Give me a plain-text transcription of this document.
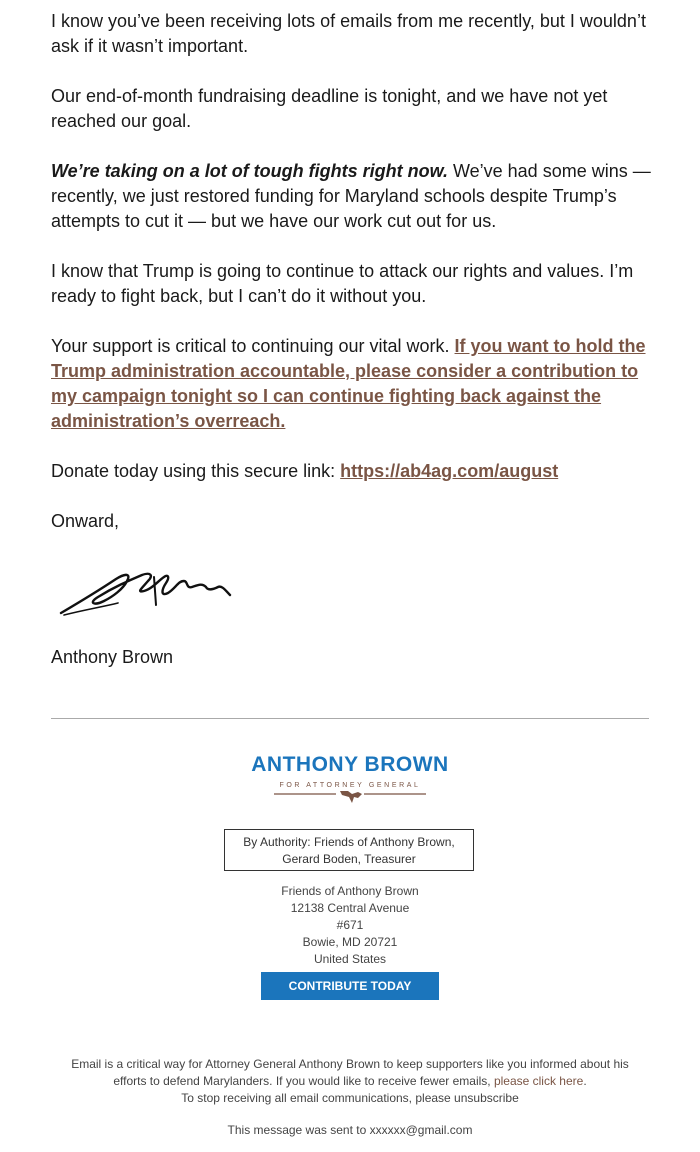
I know you’ve been receiving lots of emails from me recently, but I wouldn’t ask if it wasn’t important.

Our end-of-month fundraising deadline is tonight, and we have not yet reached our goal.

We’re taking on a lot of tough fights right now. We’ve had some wins — recently, we just restored funding for Maryland schools despite Trump’s attempts to cut it — but we have our work cut out for us.

I know that Trump is going to continue to attack our rights and values. I’m ready to fight back, but I can’t do it without you.

Your support is critical to continuing our vital work. If you want to hold the Trump administration accountable, please consider a contribution to my campaign tonight so I can continue fighting back against the administration’s overreach.

Donate today using this secure link: https://ab4ag.com/august

Onward,

Anthony Brown
ANTHONY BROWN
FOR ATTORNEY GENERAL
By Authority: Friends of Anthony Brown,
Gerard Boden, Treasurer
Friends of Anthony Brown
12138 Central Avenue
#671
Bowie, MD 20721
United States
CONTRIBUTE TODAY
Email is a critical way for Attorney General Anthony Brown to keep supporters like you informed about his efforts to defend Marylanders. If you would like to receive fewer emails, please click here.
To stop receiving all email communications, please unsubscribe
This message was sent to xxxxxx@gmail.com
